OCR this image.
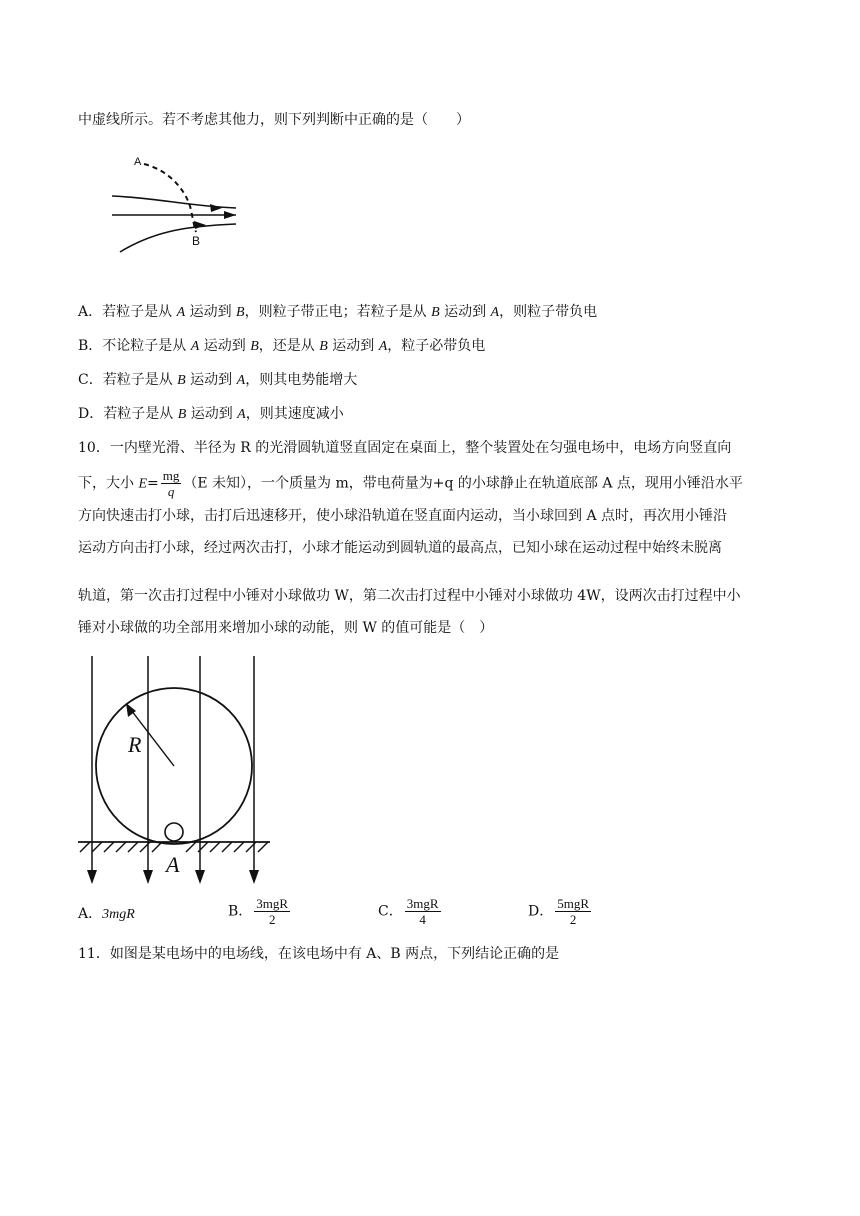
中虚线所示。若不考虑其他力，则下列判断中正确的是（　　）
A
B
A．若粒子是从 A 运动到 B，则粒子带正电；若粒子是从 B 运动到 A，则粒子带负电
B．不论粒子是从 A 运动到 B，还是从 B 运动到 A，粒子必带负电
C．若粒子是从 B 运动到 A，则其电势能增大
D．若粒子是从 B 运动到 A，则其速度减小
10．一内壁光滑、半径为 R 的光滑圆轨道竖直固定在桌面上，整个装置处在匀强电场中，电场方向竖直向
下，大小 $E= \frac{mg}{q} (E$ 未知），一个质量为 m，带电荷量为+q 的小球静止在轨道底部 A 点，现用小锤沿水平
方向快速击打小球，击打后迅速移开，使小球沿轨道在竖直面内运动，当小球回到 A 点时，再次用小锤沿
运动方向击打小球，经过两次击打，小球才能运动到圆轨道的最高点，已知小球在运动过程中始终未脱离
轨道，第一次击打过程中小锤对小球做功 W，第二次击打过程中小锤对小球做功 4W，设两次击打过程中小
锤对小球做的功全部用来增加小球的动能，则 W 的值可能是（　）
R
A
A．3mgR	B． $\frac{\text{3mgR}}{2}$	C． $\frac{\text{3mgR}}{4}$	D． $\frac{\text{5mgR}}{2}$
11．如图是某电场中的电场线，在该电场中有 A、B 两点，下列结论正确的是
